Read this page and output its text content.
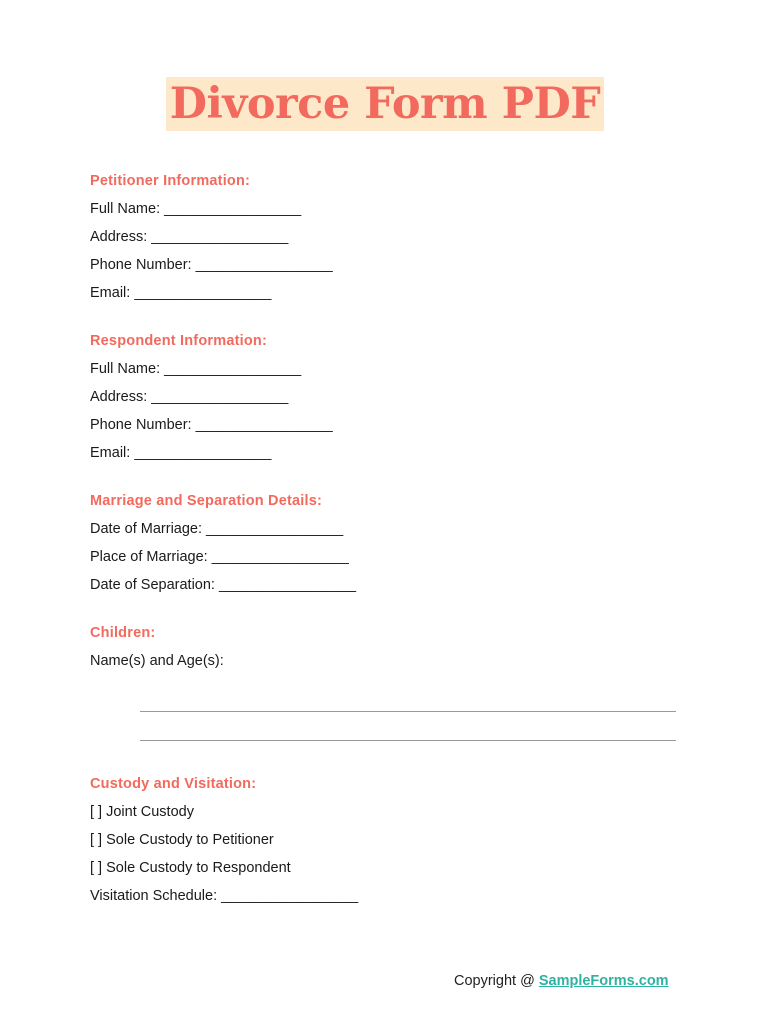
Divorce Form PDF
Petitioner Information:
Full Name: _________________
Address: _________________
Phone Number: _________________
Email: _________________
Respondent Information:
Full Name: _________________
Address: _________________
Phone Number: _________________
Email: _________________
Marriage and Separation Details:
Date of Marriage: _________________
Place of Marriage: _________________
Date of Separation: _________________
Children:
Name(s) and Age(s):
Custody and Visitation:
[ ] Joint Custody
[ ] Sole Custody to Petitioner
[ ] Sole Custody to Respondent
Visitation Schedule: _________________
Copyright @ SampleForms.com
